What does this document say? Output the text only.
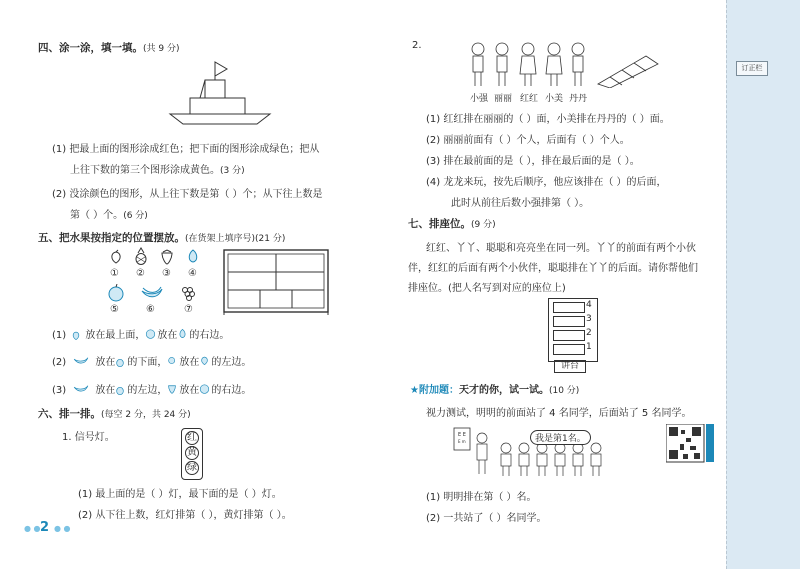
订正栏
四、涂一涂，填一填。(共 9 分)
(1) 把最上面的图形涂成红色；把下面的图形涂成绿色；把从
上往下数的第三个图形涂成黄色。(3 分)
(2) 没涂颜色的图形，从上往下数是第（ ）个；从下往上数是
第（ ）个。(6 分)
五、把水果按指定的位置摆放。(在货架上填序号)(21 分)
① ② ③ ④
⑤	⑥	⑦
(1) 放在最上面， 放在 的右边。
(2)	放在 的下面， 放在 的左边。
(3)	放在 的左边， 放在 的右边。
六、排一排。(每空 2 分，共 24 分)
1. 信号灯。	红
黄
绿
(1) 最上面的是（ ）灯，最下面的是（ ）灯。
(2) 从下往上数，红灯排第（ ），黄灯排第（ ）。
● ● 2 ● ●
2.
小强 丽丽 红红 小美 丹丹
(1) 红红排在丽丽的（ ）面，小美排在丹丹的（ ）面。
(2) 丽丽前面有（ ）个人，后面有（ ）个人。
(3) 排在最前面的是（ ），排在最后面的是（ ）。
(4) 龙龙来玩，按先后顺序，他应该排在（ ）的后面，
此时从前往后数小强排第（ ）。
七、排座位。(9 分)
红红、丫丫、聪聪和亮亮坐在同一列。丫丫的前面有两个小伙
伴，红红的后面有两个小伙伴，聪聪排在丫丫的后面。请你帮他们
排座位。(把人名写到对应的座位上)
4
3
2
1
讲台
★附加题：天才的你，试一试。(10 分)
视力测试，明明的前面站了 4 名同学，后面站了 5 名同学。
E E
E m	我是第1名。
(1) 明明排在第（ ）名。
(2) 一共站了（ ）名同学。
